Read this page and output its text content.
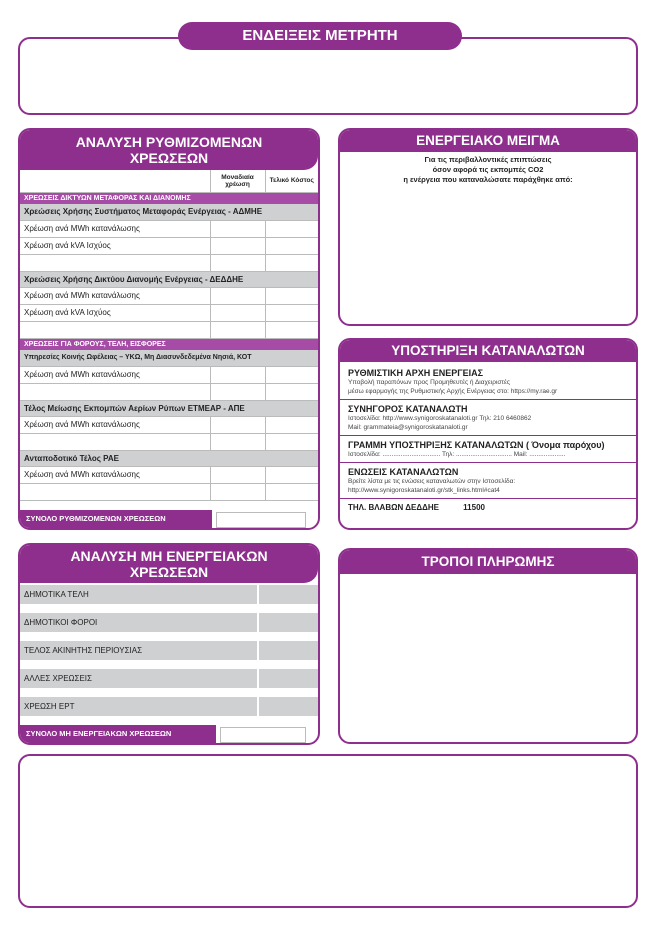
ΕΝΔΕΙΞΕΙΣ ΜΕΤΡΗΤΗ
ΑΝΑΛΥΣΗ ΡΥΘΜΙΖΟΜΕΝΩΝ
ΧΡΕΩΣΕΩΝ
	Μοναδιαία χρέωση	Τελικό Κόστος
ΧΡΕΩΣΕΙΣ ΔΙΚΤΥΩΝ ΜΕΤΑΦΟΡΑΣ ΚΑΙ ΔΙΑΝΟΜΗΣ		
Χρεώσεις Χρήσης Συστήματος Μεταφοράς Ενέργειας - ΑΔΜΗΕ		
Χρέωση ανά MWh κατανάλωσης		
Χρέωση ανά kVA Ισχύος		

Χρεώσεις Χρήσης Δικτύου Διανομής Ενέργειας - ΔΕΔΔΗΕ		
Χρέωση ανά MWh κατανάλωσης		
Χρέωση ανά kVA Ισχύος		

ΧΡΕΩΣΕΙΣ ΓΙΑ ΦΟΡΟΥΣ, ΤΕΛΗ, ΕΙΣΦΟΡΕΣ		
Υπηρεσίες Κοινής Ωφέλειας – ΥΚΩ, Μη Διασυνδεδεμένα Νησιά, ΚΟΤ		
Χρέωση ανά MWh κατανάλωσης		

Τέλος Μείωσης Εκπομπών Αερίων Ρύπων ΕΤΜΕΑΡ - ΑΠΕ		
Χρέωση ανά MWh κατανάλωσης		

Ανταποδοτικό Τέλος ΡΑΕ		
Χρέωση ανά MWh κατανάλωσης		

ΣΥΝΟΛΟ ΡΥΘΜΙΖΟΜΕΝΩΝ ΧΡΕΩΣΕΩΝ
ΑΝΑΛΥΣΗ ΜΗ ΕΝΕΡΓΕΙΑΚΩΝ
ΧΡΕΩΣΕΩΝ
ΔΗΜΟΤΙΚΑ ΤΕΛΗ	

ΔΗΜΟΤΙΚΟΙ ΦΟΡΟΙ	

ΤΕΛΟΣ ΑΚΙΝΗΤΗΣ ΠΕΡΙΟΥΣΙΑΣ	

ΑΛΛΕΣ ΧΡΕΩΣΕΙΣ	

ΧΡΕΩΣΗ ΕΡΤ	
ΣΥΝΟΛΟ ΜΗ ΕΝΕΡΓΕΙΑΚΩΝ ΧΡΕΩΣΕΩΝ
ΕΝΕΡΓΕΙΑΚΟ ΜΕΙΓΜΑ
Για τις περιβαλλοντικές επιπτώσεις
όσον αφορά τις εκπομπές CO2
η ενέργεια που καταναλώσατε παράχθηκε από:
ΥΠΟΣΤΗΡΙΞΗ ΚΑΤΑΝΑΛΩΤΩΝ
ΡΥΘΜΙΣΤΙΚΗ ΑΡΧΗ ΕΝΕΡΓΕΙΑΣ
Υποβολή παραπόνων προς Προμηθευτές ή Διαχειριστές
μέσω εφαρμογής της Ρυθμιστικής Αρχής Ενέργειας στο: https://my.rae.gr
ΣΥΝΗΓΟΡΟΣ ΚΑΤΑΝΑΛΩΤΗ
Ιστοσελίδα: http://www.synigoroskatanaloti.gr Τηλ: 210 6460862
Mail: grammateia@synigoroskatanaloti.gr
ΓΡΑΜΜΗ ΥΠΟΣΤΗΡΙΞΗΣ ΚΑΤΑΝΑΛΩΤΩΝ ( Όνομα παρόχου)
Ιστοσελίδα: ................................ Τηλ: ............................... Mail: ....................
ΕΝΩΣΕΙΣ ΚΑΤΑΝΑΛΩΤΩΝ
Βρείτε λίστα με τις ενώσεις καταναλωτών στην Ιστοσελίδα:
http://www.synigoroskatanaloti.gr/stk_links.html#cat4
ΤΗΛ. ΒΛΑΒΩΝ ΔΕΔΔΗΕ	11500
ΤΡΟΠΟΙ ΠΛΗΡΩΜΗΣ
